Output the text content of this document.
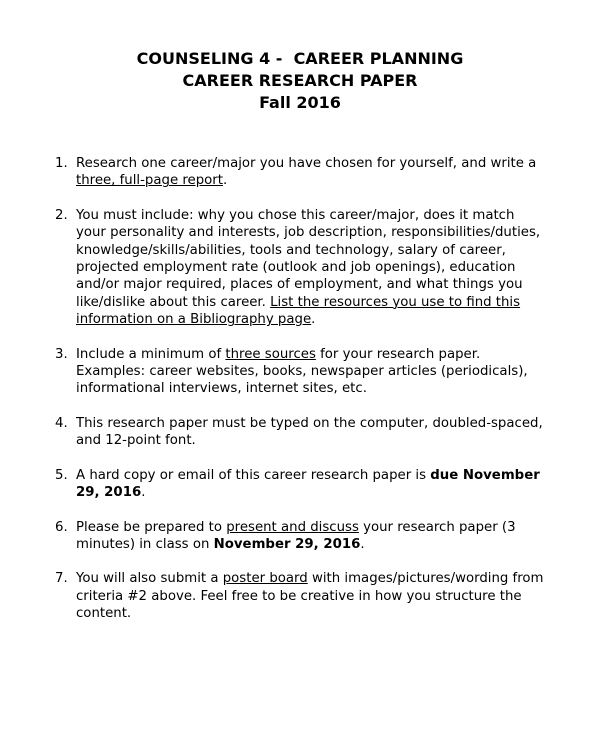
COUNSELING 4 -  CAREER PLANNING
CAREER RESEARCH PAPER
Fall 2016
1. Research one career/major you have chosen for yourself, and write a
three, full-page report.
2. You must include: why you chose this career/major, does it match
your personality and interests, job description, responsibilities/duties,
knowledge/skills/abilities, tools and technology, salary of career,
projected employment rate (outlook and job openings), education
and/or major required, places of employment, and what things you
like/dislike about this career. List the resources you use to find this
information on a Bibliography page.
3. Include a minimum of three sources for your research paper.
Examples: career websites, books, newspaper articles (periodicals),
informational interviews, internet sites, etc.
4. This research paper must be typed on the computer, doubled-spaced,
and 12-point font.
5. A hard copy or email of this career research paper is due November
29, 2016.
6. Please be prepared to present and discuss your research paper (3
minutes) in class on November 29, 2016.
7. You will also submit a poster board with images/pictures/wording from
criteria #2 above. Feel free to be creative in how you structure the
content.
